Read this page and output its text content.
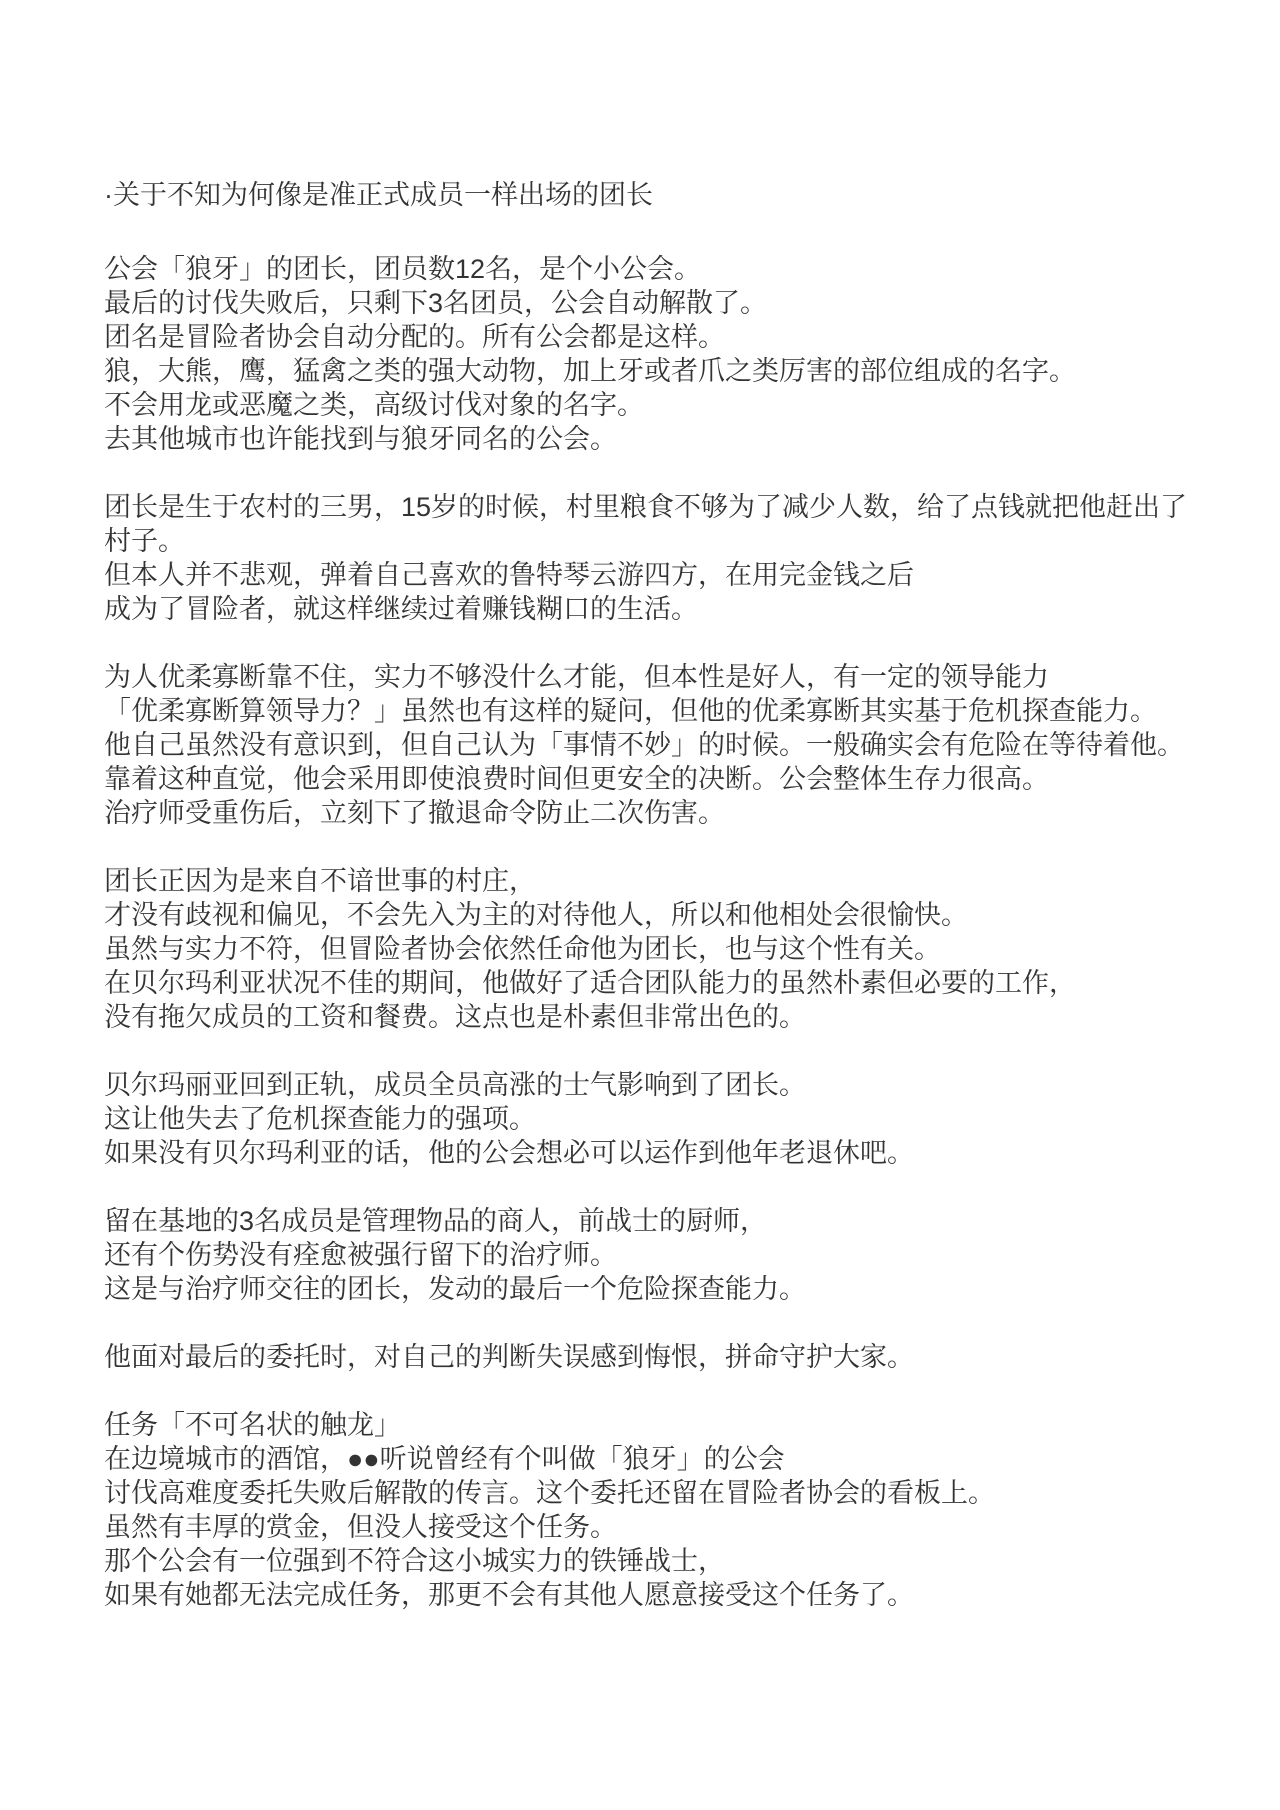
·关于不知为何像是准正式成员一样出场的团长
公会「狼牙」的团长，团员数12名，是个小公会。
最后的讨伐失败后，只剩下3名团员，公会自动解散了。
团名是冒险者协会自动分配的。所有公会都是这样。
狼，大熊，鹰，猛禽之类的强大动物，加上牙或者爪之类厉害的部位组成的名字。
不会用龙或恶魔之类，高级讨伐对象的名字。
去其他城市也许能找到与狼牙同名的公会。
团长是生于农村的三男，15岁的时候，村里粮食不够为了减少人数，给了点钱就把他赶出了
村子。
但本人并不悲观，弹着自己喜欢的鲁特琴云游四方，在用完金钱之后
成为了冒险者，就这样继续过着赚钱糊口的生活。
为人优柔寡断靠不住，实力不够没什么才能，但本性是好人，有一定的领导能力
「优柔寡断算领导力？」虽然也有这样的疑问，但他的优柔寡断其实基于危机探查能力。
他自己虽然没有意识到，但自己认为「事情不妙」的时候。一般确实会有危险在等待着他。
靠着这种直觉，他会采用即使浪费时间但更安全的决断。公会整体生存力很高。
治疗师受重伤后，立刻下了撤退命令防止二次伤害。
团长正因为是来自不谙世事的村庄，
才没有歧视和偏见，不会先入为主的对待他人，所以和他相处会很愉快。
虽然与实力不符，但冒险者协会依然任命他为团长，也与这个性有关。
在贝尔玛利亚状况不佳的期间，他做好了适合团队能力的虽然朴素但必要的工作，
没有拖欠成员的工资和餐费。这点也是朴素但非常出色的。
贝尔玛丽亚回到正轨，成员全员高涨的士气影响到了团长。
这让他失去了危机探查能力的强项。
如果没有贝尔玛利亚的话，他的公会想必可以运作到他年老退休吧。
留在基地的3名成员是管理物品的商人，前战士的厨师，
还有个伤势没有痊愈被强行留下的治疗师。
这是与治疗师交往的团长，发动的最后一个危险探查能力。
他面对最后的委托时，对自己的判断失误感到悔恨，拼命守护大家。
任务「不可名状的触龙」
在边境城市的酒馆，●●听说曾经有个叫做「狼牙」的公会
讨伐高难度委托失败后解散的传言。这个委托还留在冒险者协会的看板上。
虽然有丰厚的赏金，但没人接受这个任务。
那个公会有一位强到不符合这小城实力的铁锤战士，
如果有她都无法完成任务，那更不会有其他人愿意接受这个任务了。
